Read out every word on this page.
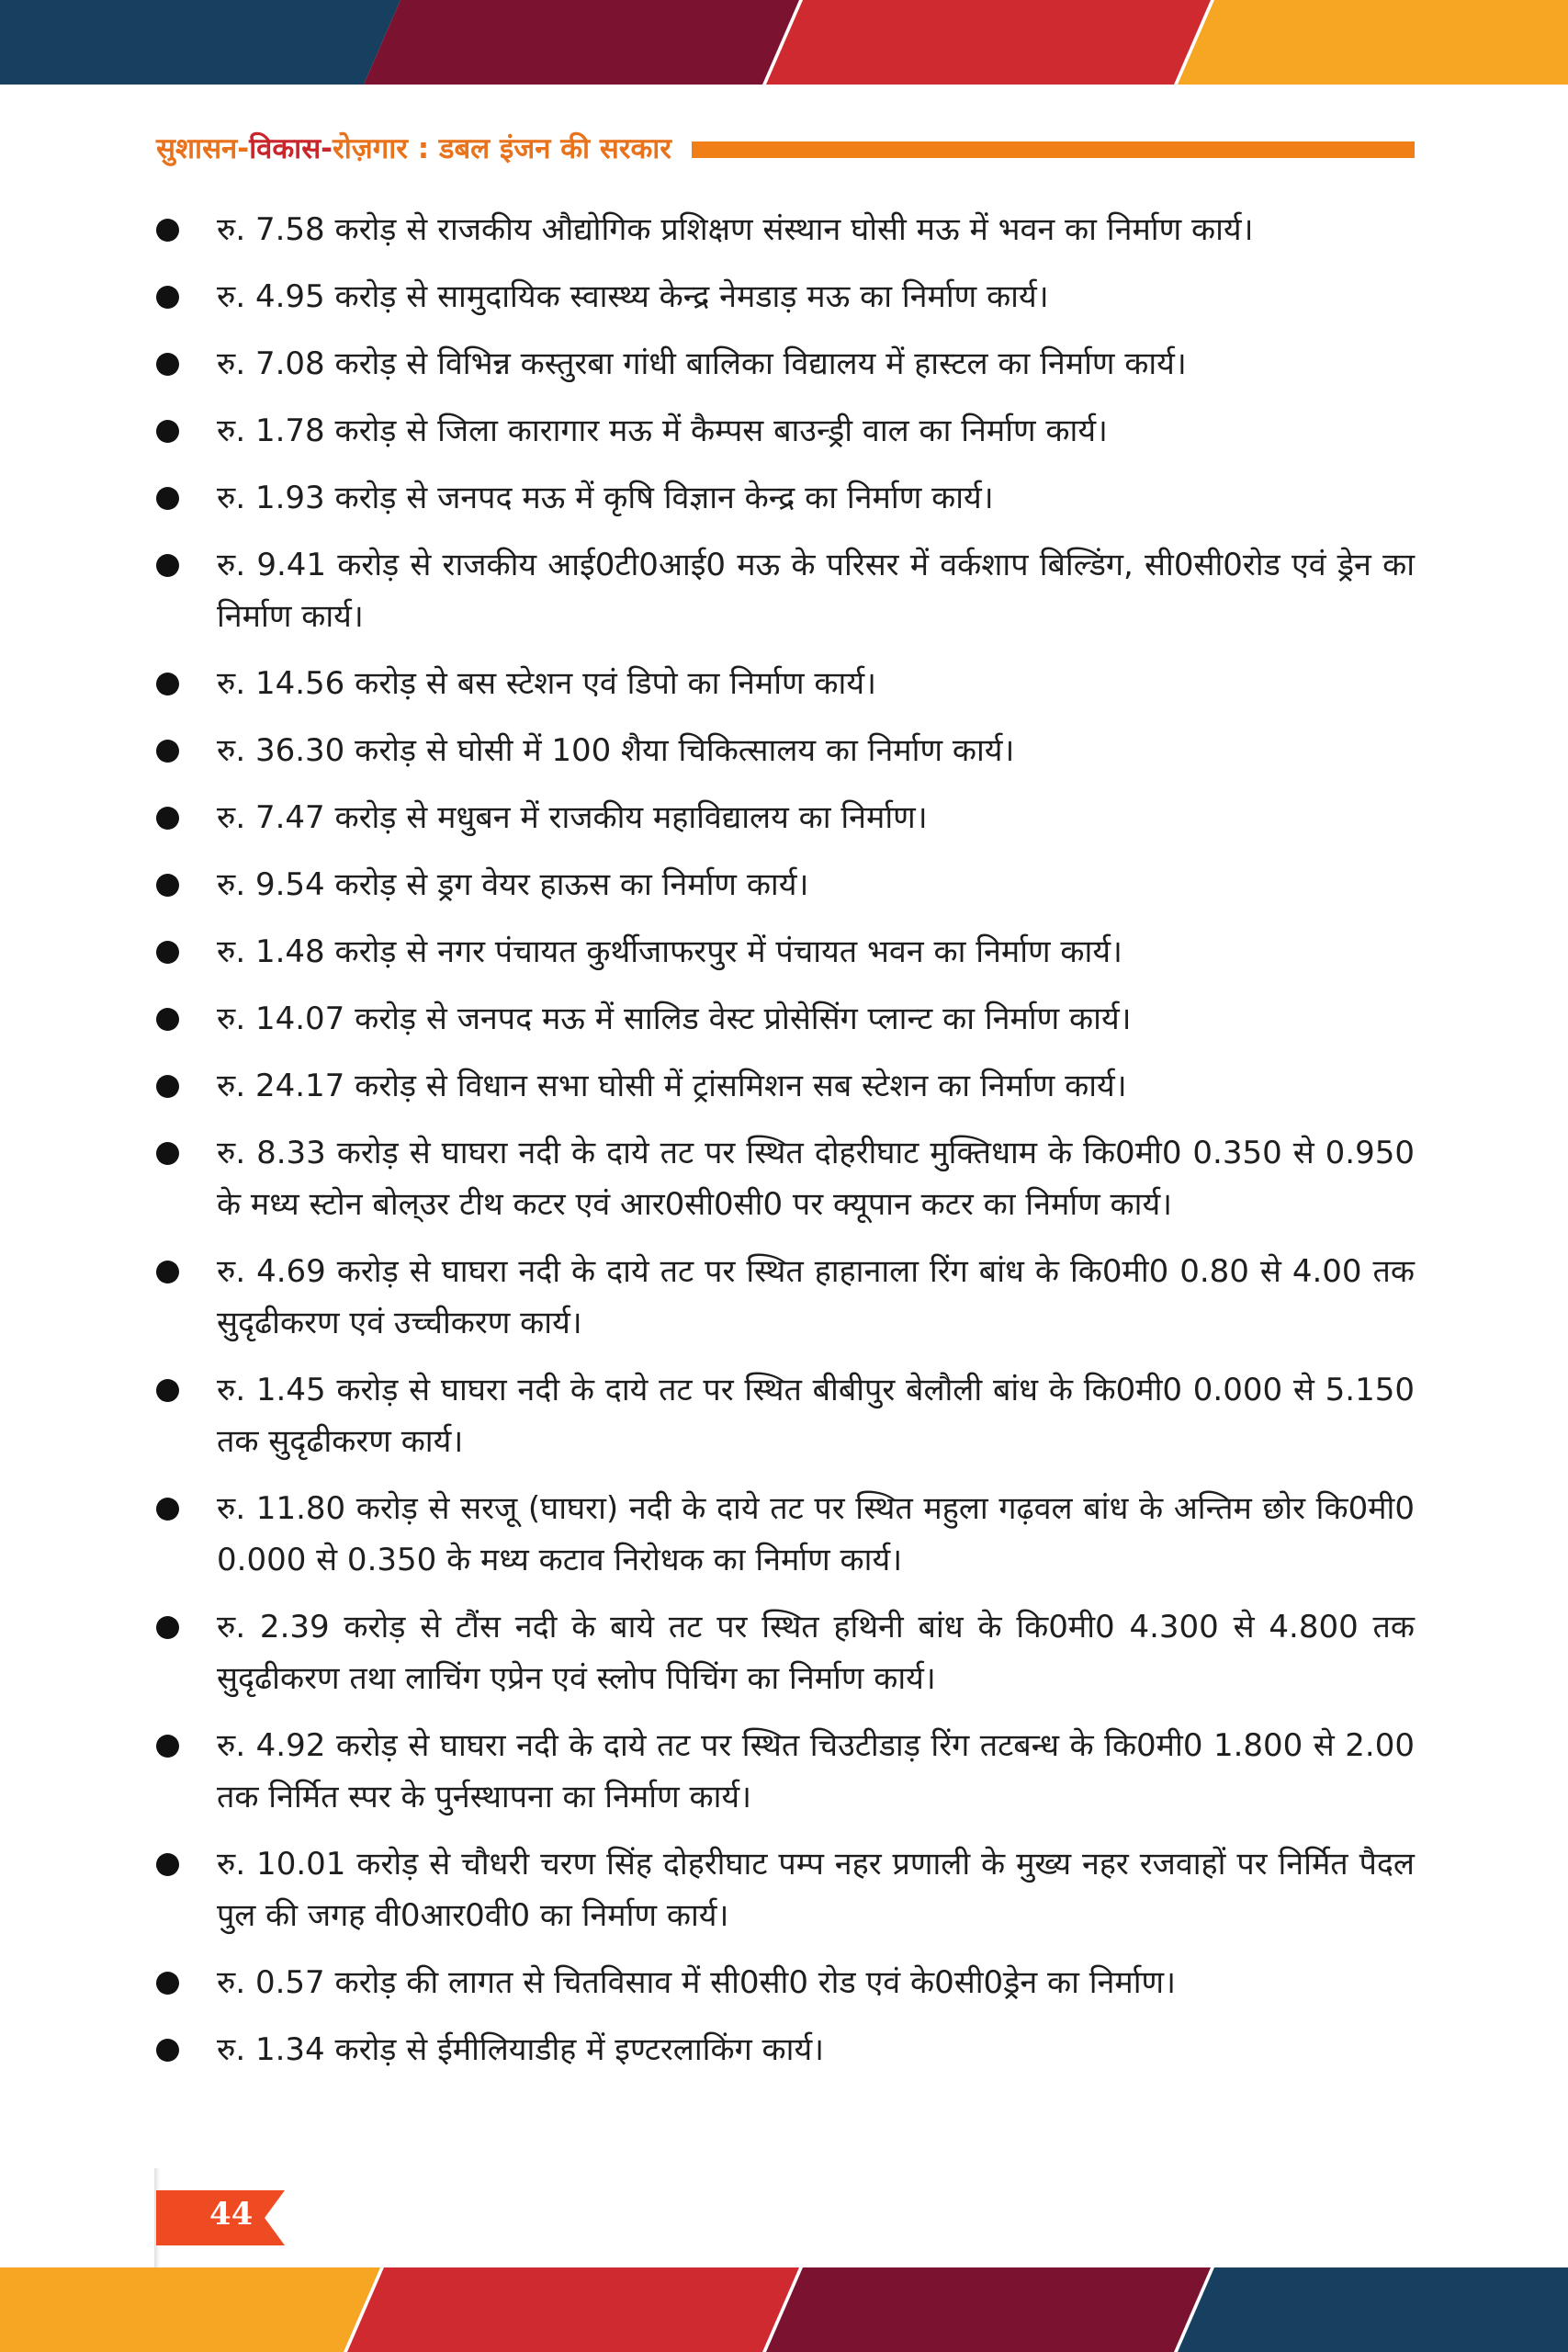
सुशासन-विकास-रोज़गार : डबल इंजन की सरकार
रु. 7.58 करोड़ से राजकीय औद्योगिक प्रशिक्षण संस्थान घोसी मऊ में भवन का निर्माण कार्य।
रु. 4.95 करोड़ से सामुदायिक स्वास्थ्य केन्द्र नेमडाड़ मऊ का निर्माण कार्य।
रु. 7.08 करोड़ से विभिन्न कस्तुरबा गांधी बालिका विद्यालय में हास्टल का निर्माण कार्य।
रु. 1.78 करोड़ से जिला कारागार मऊ में कैम्पस बाउन्ड्री वाल का निर्माण कार्य।
रु. 1.93 करोड़ से जनपद मऊ में कृषि विज्ञान केन्द्र का निर्माण कार्य।
रु. 9.41 करोड़ से राजकीय आई0टी0आई0 मऊ के परिसर में वर्कशाप बिल्डिंग, सी0सी0रोड एवं ड्रेन का निर्माण कार्य।
रु. 14.56 करोड़ से बस स्टेशन एवं डिपो का निर्माण कार्य।
रु. 36.30 करोड़ से घोसी में 100 शैया चिकित्सालय का निर्माण कार्य।
रु. 7.47 करोड़ से मधुबन में राजकीय महाविद्यालय का निर्माण।
रु. 9.54 करोड़ से ड्रग वेयर हाऊस का निर्माण कार्य।
रु. 1.48 करोड़ से नगर पंचायत कुर्थीजाफरपुर में पंचायत भवन का निर्माण कार्य।
रु. 14.07 करोड़ से जनपद मऊ में सालिड वेस्ट प्रोसेसिंग प्लान्ट का निर्माण कार्य।
रु. 24.17 करोड़ से विधान सभा घोसी में ट्रांसमिशन सब स्टेशन का निर्माण कार्य।
रु. 8.33 करोड़ से घाघरा नदी के दाये तट पर स्थित दोहरीघाट मुक्तिधाम के कि0मी0 0.350 से 0.950 के मध्य स्टोन बोल्उर टीथ कटर एवं आर0सी0सी0 पर क्यूपान कटर का निर्माण कार्य।
रु. 4.69 करोड़ से घाघरा नदी के दाये तट पर स्थित हाहानाला रिंग बांध के कि0मी0 0.80 से 4.00 तक सुदृढीकरण एवं उच्चीकरण कार्य।
रु. 1.45 करोड़ से घाघरा नदी के दाये तट पर स्थित बीबीपुर बेलौली बांध के कि0मी0 0.000 से 5.150 तक सुदृढीकरण कार्य।
रु. 11.80 करोड़ से सरजू (घाघरा) नदी के दाये तट पर स्थित महुला गढ़वल बांध के अन्तिम छोर कि0मी0 0.000 से 0.350 के मध्य कटाव निरोधक का निर्माण कार्य।
रु. 2.39 करोड़ से टौंस नदी के बाये तट पर स्थित हथिनी बांध के कि0मी0 4.300 से 4.800 तक सुदृढीकरण तथा लाचिंग एप्रेन एवं स्लोप पिचिंग का निर्माण कार्य।
रु. 4.92 करोड़ से घाघरा नदी के दाये तट पर स्थित चिउटीडाड़ रिंग तटबन्ध के कि0मी0 1.800 से 2.00 तक निर्मित स्पर के पुर्नस्थापना का निर्माण कार्य।
रु. 10.01 करोड़ से चौधरी चरण सिंह दोहरीघाट पम्प नहर प्रणाली के मुख्य नहर रजवाहों पर निर्मित पैदल पुल की जगह वी0आर0वी0 का निर्माण कार्य।
रु. 0.57 करोड़ की लागत से चितविसाव में सी0सी0 रोड एवं के0सी0ड्रेन का निर्माण।
रु. 1.34 करोड़ से ईमीलियाडीह में इण्टरलाकिंग कार्य।
44
